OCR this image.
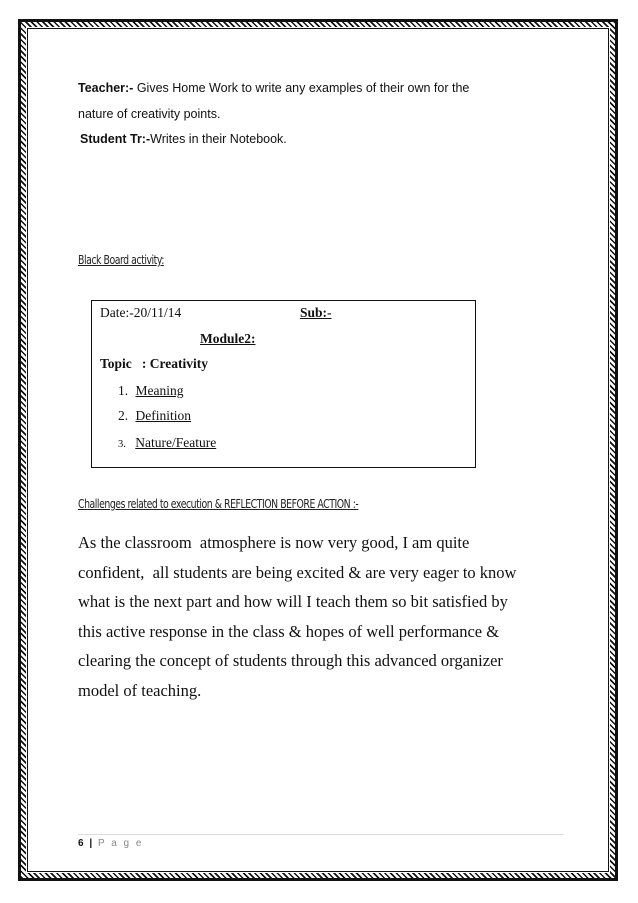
Teacher:- Gives Home Work to write any examples of their own for the

nature of creativity points.

Student Tr:-Writes in their Notebook.

Black Board activity:
Date:-20/11/14	Sub:-
Module2:
Topic   : Creativity
1. Meaning
2. Definition
3. Nature/Feature
Challenges related to execution & REFLECTION BEFORE ACTION :-
As the classroom  atmosphere is now very good, I am quite
confident,  all students are being excited & are very eager to know
what is the next part and how will I teach them so bit satisfied by
this active response in the class & hopes of well performance &
clearing the concept of students through this advanced organizer
model of teaching.
6 | P a g e
